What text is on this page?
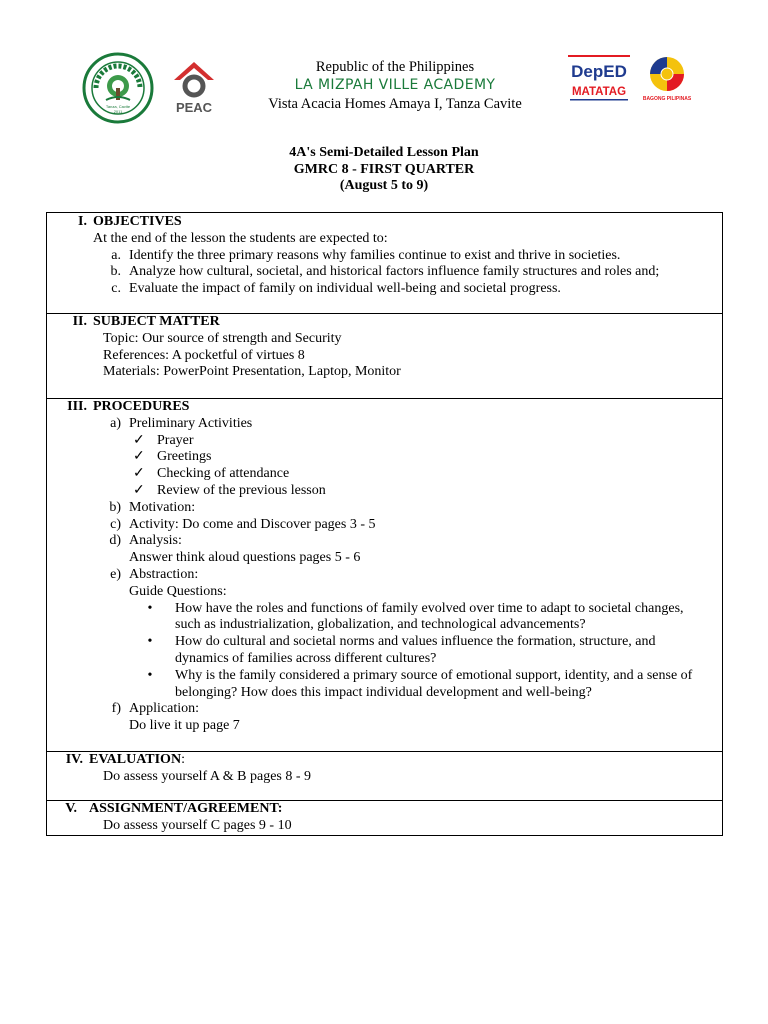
Tanza, Cavite
2011	PEAC
DepED
MATATAG
BAGONG PILIPINAS
Republic of the Philippines
LA MIZPAH VILLE ACADEMY
Vista Acacia Homes Amaya I, Tanza Cavite
4A's Semi-Detailed Lesson Plan
GMRC 8 - FIRST QUARTER
(August 5 to 9)
I. OBJECTIVES
At the end of the lesson the students are expected to:
a. Identify the three primary reasons why families continue to exist and thrive in societies.
b. Analyze how cultural, societal, and historical factors influence family structures and roles and;
c. Evaluate the impact of family on individual well-being and societal progress.
II. SUBJECT MATTER
Topic: Our source of strength and Security
References: A pocketful of virtues 8
Materials: PowerPoint Presentation, Laptop, Monitor
III. PROCEDURES
a) Preliminary Activities
✓ Prayer
✓ Greetings
✓ Checking of attendance
✓ Review of the previous lesson
b) Motivation:
c) Activity: Do come and Discover pages 3 - 5
d) Analysis:
Answer think aloud questions pages 5 - 6
e) Abstraction:
Guide Questions:
•	How have the roles and functions of family evolved over time to adapt to societal changes, such as industrialization, globalization, and technological advancements?
•	How do cultural and societal norms and values influence the formation, structure, and dynamics of families across different cultures?
•	Why is the family considered a primary source of emotional support, identity, and a sense of belonging? How does this impact individual development and well-being?
f) Application:
Do live it up page 7
IV. EVALUATION :
Do assess yourself A & B pages 8 - 9
V. ASSIGNMENT/AGREEMENT:
Do assess yourself C pages 9 - 10
